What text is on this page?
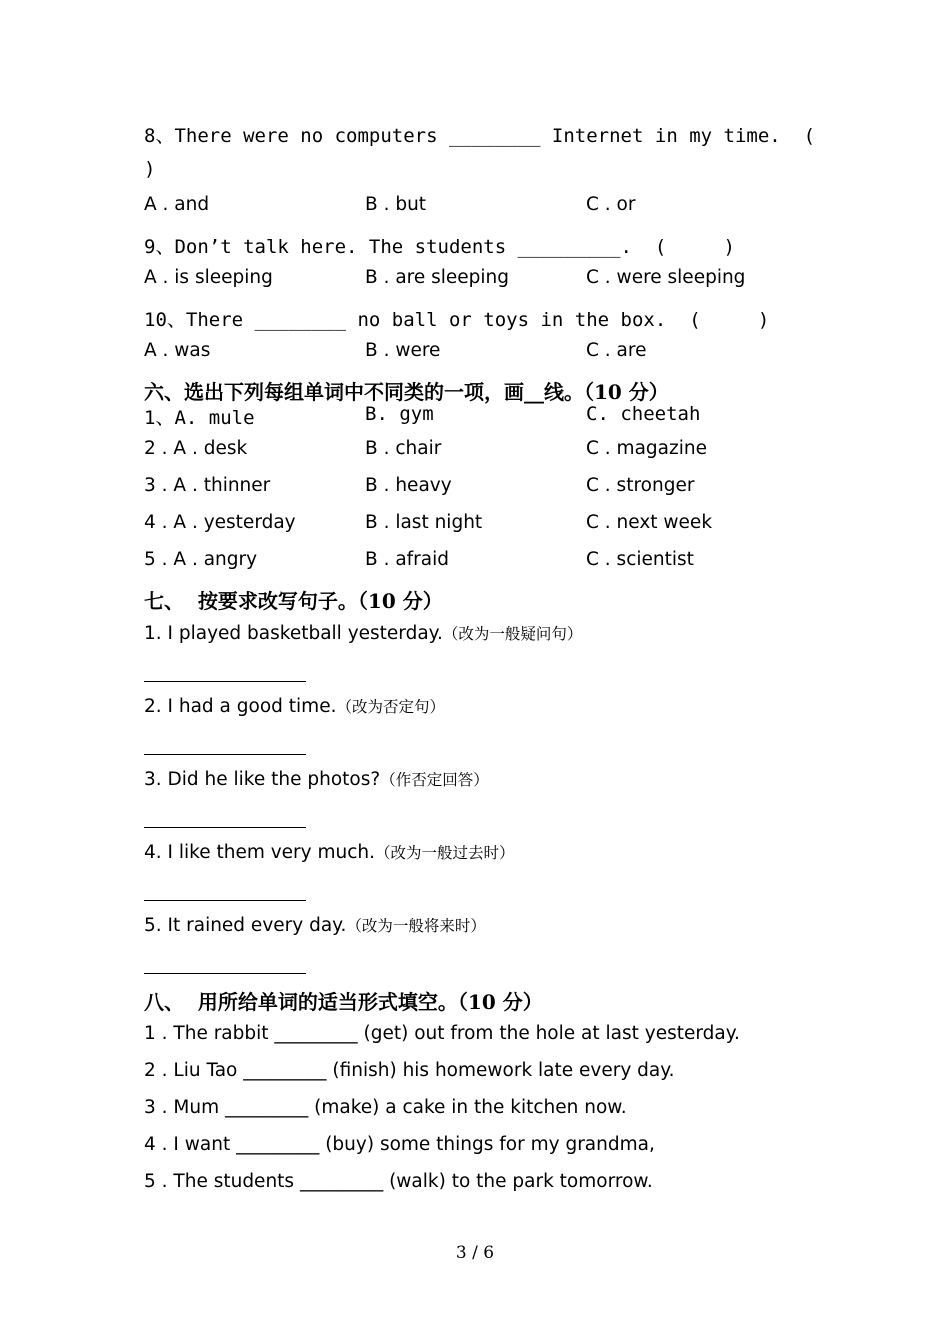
8、There were no computers ________ Internet in my time.  (
)
A . and	B . but	C . or
9、Don’t talk here. The students _________.  (     )
A . is sleeping	B . are sleeping	C . were sleeping
10、There ________ no ball or toys in the box.  (     )
A . was	B . were	C . are
六、选出下列每组单词中不同类的一项，画__线。（10 分）
1、A. mule	B. gym	C. cheetah
2 . A . desk	B . chair	C . magazine
3 . A . thinner	B . heavy	C . stronger
4 . A . yesterday	B . last night	C . next week
5 . A . angry	B . afraid	C . scientist
七、  按要求改写句子。（10 分）
1. I played basketball yesterday.（改为一般疑问句）
2. I had a good time.（改为否定句）
3. Did he like the photos?（作否定回答）
4. I like them very much.（改为一般过去时）
5. It rained every day.（改为一般将来时）
八、  用所给单词的适当形式填空。（10 分）
1 . The rabbit _________ (get) out from the hole at last yesterday.
2 . Liu Tao _________ (finish) his homework late every day.
3 . Mum _________ (make) a cake in the kitchen now.
4 . I want _________ (buy) some things for my grandma,
5 . The students _________ (walk) to the park tomorrow.
3 / 6
